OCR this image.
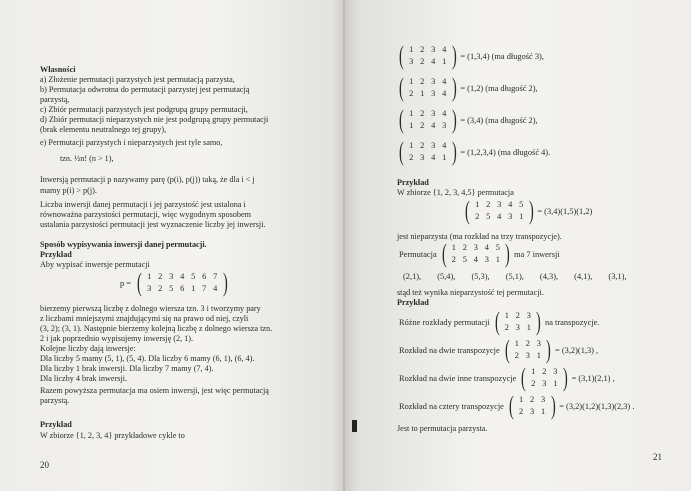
Własności
a) Złożenie permutacji parzystych jest permutacją parzysta,
b) Permutacja odwrotna do permutacji parzystej jest permutacją
parzystą,
c) Zbiór permutacji parzystych jest podgrupą grupy permutacji,
d) Zbiór permutacji nieparzystych nie jest podgrupą grupy permutacji
(brak elementu neutralnego tej grupy),
e) Permutacji parzystych i nieparzystych jest tyle samo,
tzn. ½n! (n > 1),
Inwersją permutacji p nazywamy parę (p(i), p(j)) taką, że dla i < j
mamy p(i) > p(j).
Liczba inwersji danej permutacji i jej parzystość jest ustalona i
równoważna parzystości permutacji, więc wygodnym sposobem
ustalania parzystości permutacji jest wyznaczenie liczby jej inwersji.
Sposób wypisywania inwersji danej permutacji.
Przykład
Aby wypisać inwersje permutacji
p = ( 1 2 3 4 5 6 7
3 2 5 6 1 7 4 )
bierzemy pierwszą liczbę z dolnego wiersza tzn. 3 i tworzymy pary
z liczbami mniejszymi znajdującymi się na prawo od niej, czyli
(3, 2); (3, 1). Następnie bierzemy kolejną liczbę z dolnego wiersza tzn.
2 i jak poprzednio wypisujemy inwersję (2, 1).
Kolejne liczby dają inwersje:
Dla liczby 5 mamy (5, 1), (5, 4). Dla liczby 6 mamy (6, 1), (6, 4).
Dla liczby 1 brak inwersji. Dla liczby 7 mamy (7, 4).
Dla liczby 4 brak inwersji.
Razem powyższa permutacja ma osiem inwersji, jest więc permutacją
parzystą.
Przykład
W zbiorze {1, 2, 3, 4} przykładowe cykle to
20
( 1 2 3 4
3 2 4 1 ) = (1,3,4) (ma długość 3),
( 1 2 3 4
2 1 3 4 ) = (1,2) (ma długość 2),
( 1 2 3 4
1 2 4 3 ) = (3,4) (ma długość 2),
( 1 2 3 4
2 3 4 1 ) = (1,2,3,4) (ma długość 4).
Przykład
W zbiorze {1, 2, 3, 4,5} permutacja
( 1 2 3 4 5
2 5 4 3 1 ) = (3,4)(1,5)(1,2)
jest nieparzysta (ma rozkład na trzy transpozycje).
Permutacja ( 1 2 3 4 5
2 5 4 3 1 ) ma 7 inwersji
(2,1), (5,4), (5,3), (5,1), (4,3), (4,1), (3,1),
stąd też wynika nieparzystość tej permutacji.
Przykład
Różne rozkłady permutacji ( 1 2 3
2 3 1 ) na transpozycje.
Rozkład na dwie transpozycje ( 1 2 3
2 3 1 ) = (3,2)(1,3) ,
Rozkład na dwie inne transpozycje ( 1 2 3
2 3 1 ) = (3,1)(2,1) ,
Rozkład na cztery transpozycje ( 1 2 3
2 3 1 ) = (3,2)(1,2)(1,3)(2,3) .
Jest to permutacja parzysta.
21
